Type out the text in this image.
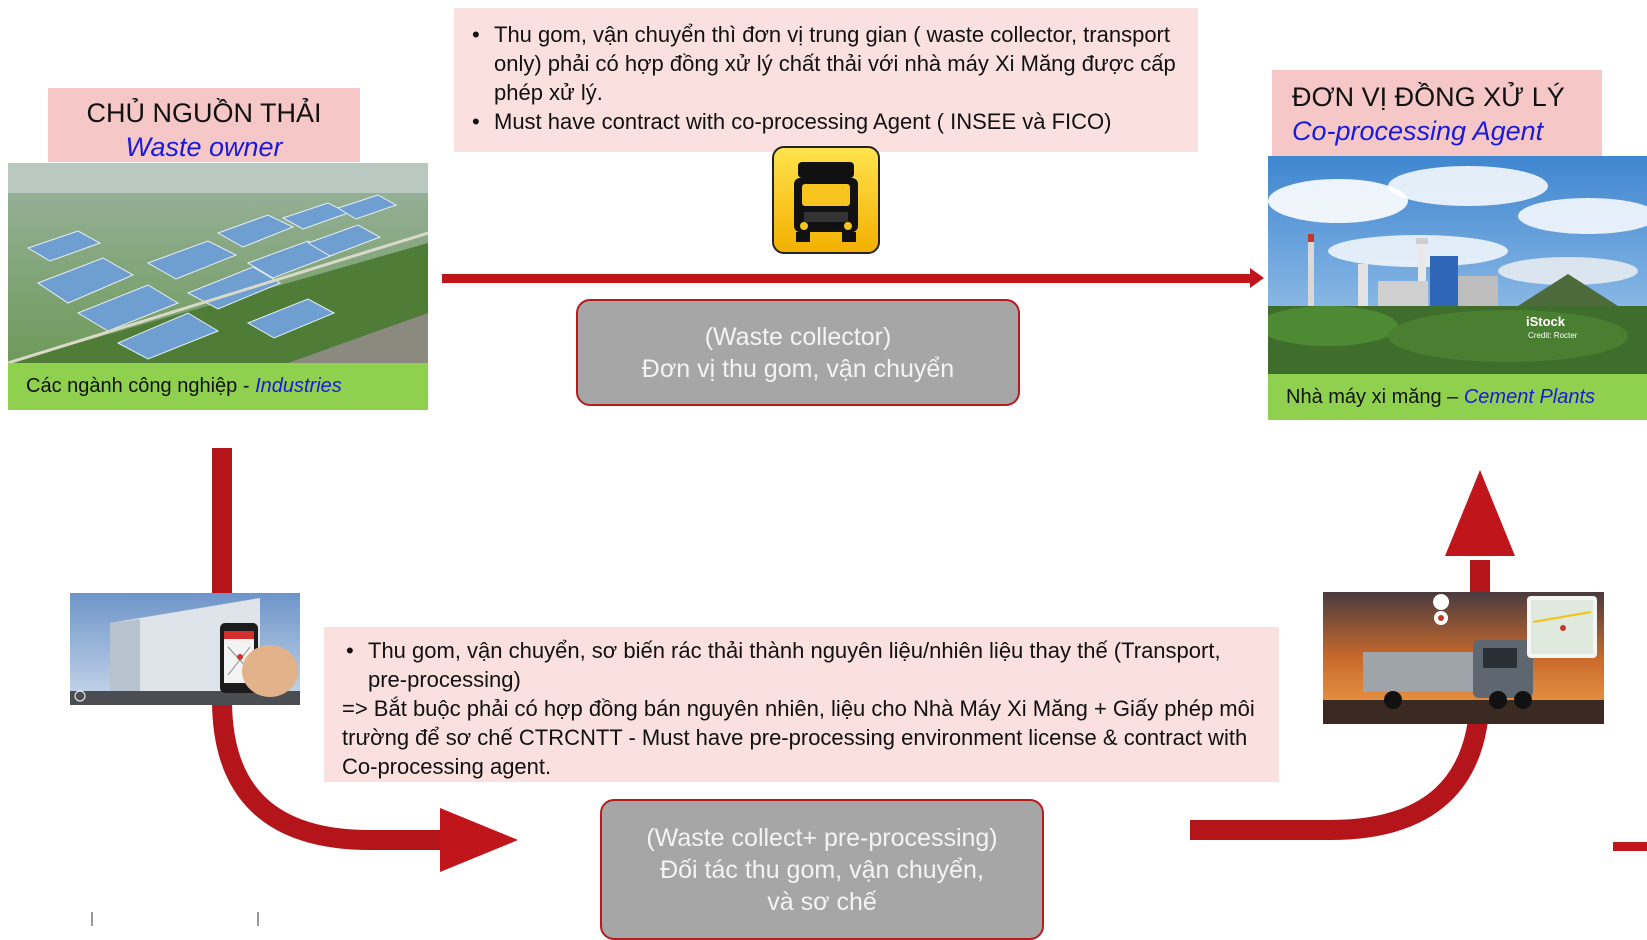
CHỦ NGUỒN THẢI
Waste owner
Các ngành công nghiệp - Industries
• Thu gom, vận chuyển thì đơn vị trung gian ( waste collector, transport only) phải có hợp đồng xử lý chất thải với nhà máy Xi Măng được cấp phép xử lý.
• Must have contract with co-processing Agent ( INSEE và FICO)
(Waste collector)
Đơn vị thu gom, vận chuyển
ĐƠN VỊ ĐỒNG XỬ LÝ
Co-processing Agent
iStock
Credit: Rocter
Nhà máy xi măng – Cement Plants
• Thu gom, vận chuyển, sơ biến rác thải thành nguyên liệu/nhiên liệu thay thế (Transport, pre-processing)
=> Bắt buộc phải có hợp đồng bán nguyên nhiên, liệu cho Nhà Máy Xi Măng + Giấy phép môi trường để sơ chế CTRCNTT - Must have pre-processing environment license & contract with Co-processing agent.
(Waste collect+ pre-processing)
Đối tác thu gom, vận chuyển,
và sơ chế
